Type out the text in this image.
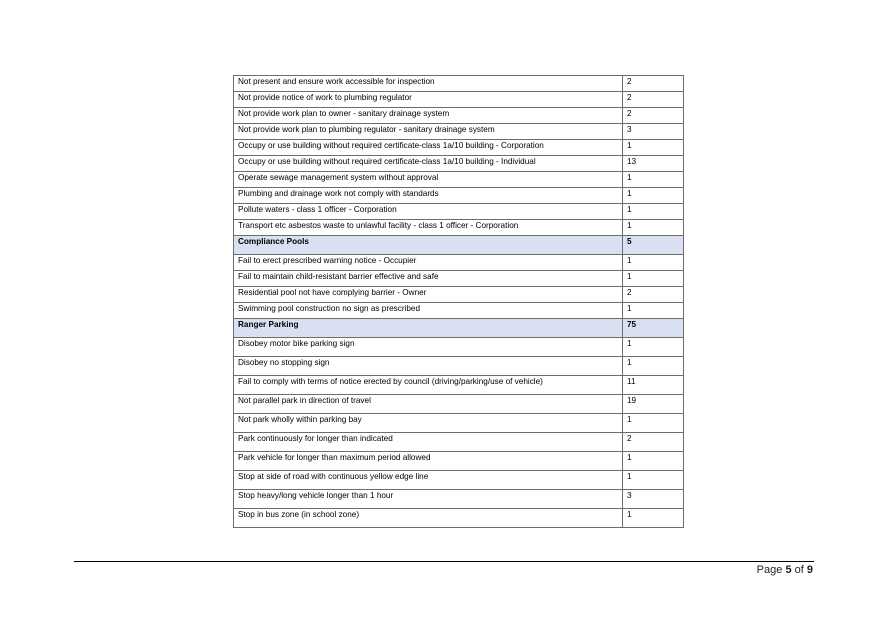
Not present and ensure work accessible for inspection	2
Not provide notice of work to plumbing regulator	2
Not provide work plan to owner - sanitary drainage system	2
Not provide work plan to plumbing regulator - sanitary drainage system	3
Occupy or use building without required certificate-class 1a/10 building - Corporation	1
Occupy or use building without required certificate-class 1a/10 building - Individual	13
Operate sewage management system without approval	1
Plumbing and drainage work not comply with standards	1
Pollute waters - class 1 officer - Corporation	1
Transport etc asbestos waste to unlawful facility - class 1 officer - Corporation	1
Compliance Pools	5
Fail to erect prescribed warning notice - Occupier	1
Fail to maintain child-resistant barrier effective and safe	1
Residential pool not have complying barrier - Owner	2
Swimming pool construction no sign as prescribed	1
Ranger Parking	75
Disobey motor bike parking sign	1
Disobey no stopping sign	1
Fail to comply with terms of notice erected by council (driving/parking/use of vehicle)	11
Not parallel park in direction of travel	19
Not park wholly within parking bay	1
Park continuously for longer than indicated	2
Park vehicle for longer than maximum period allowed	1
Stop at side of road with continuous yellow edge line	1
Stop heavy/long vehicle longer than 1 hour	3
Stop in bus zone (in school zone)	1
Page 5 of 9
